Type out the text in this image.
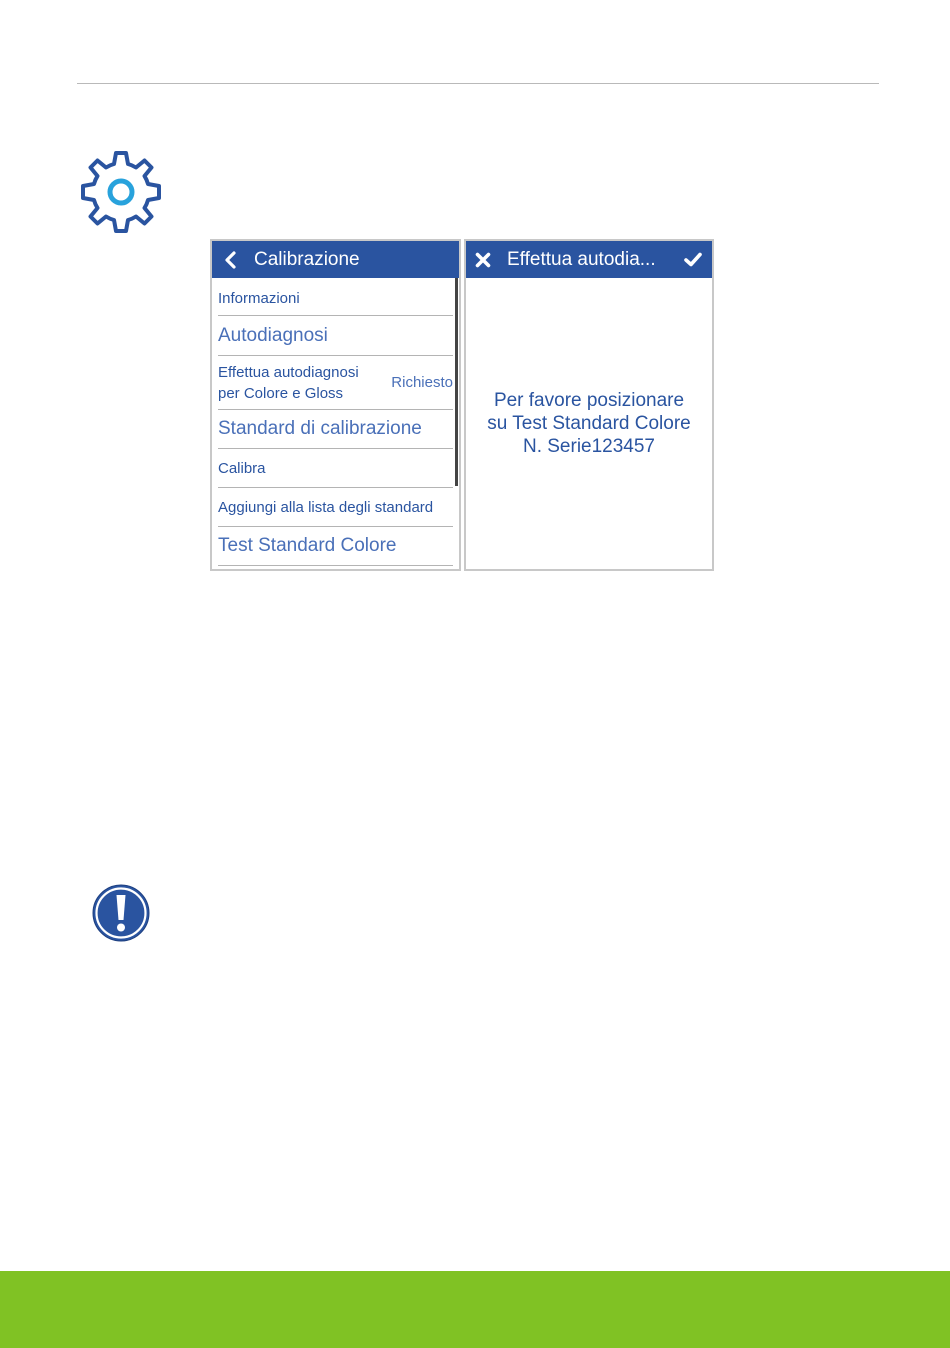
Calibrazione
Informazioni
Autodiagnosi
Effettua autodiagnosi
per Colore e Gloss
Richiesto
Standard di calibrazione
Calibra
Aggiungi alla lista degli standard
Test Standard Colore
Effettua autodia...
Per favore posizionare
su Test Standard Colore
N. Serie123457
